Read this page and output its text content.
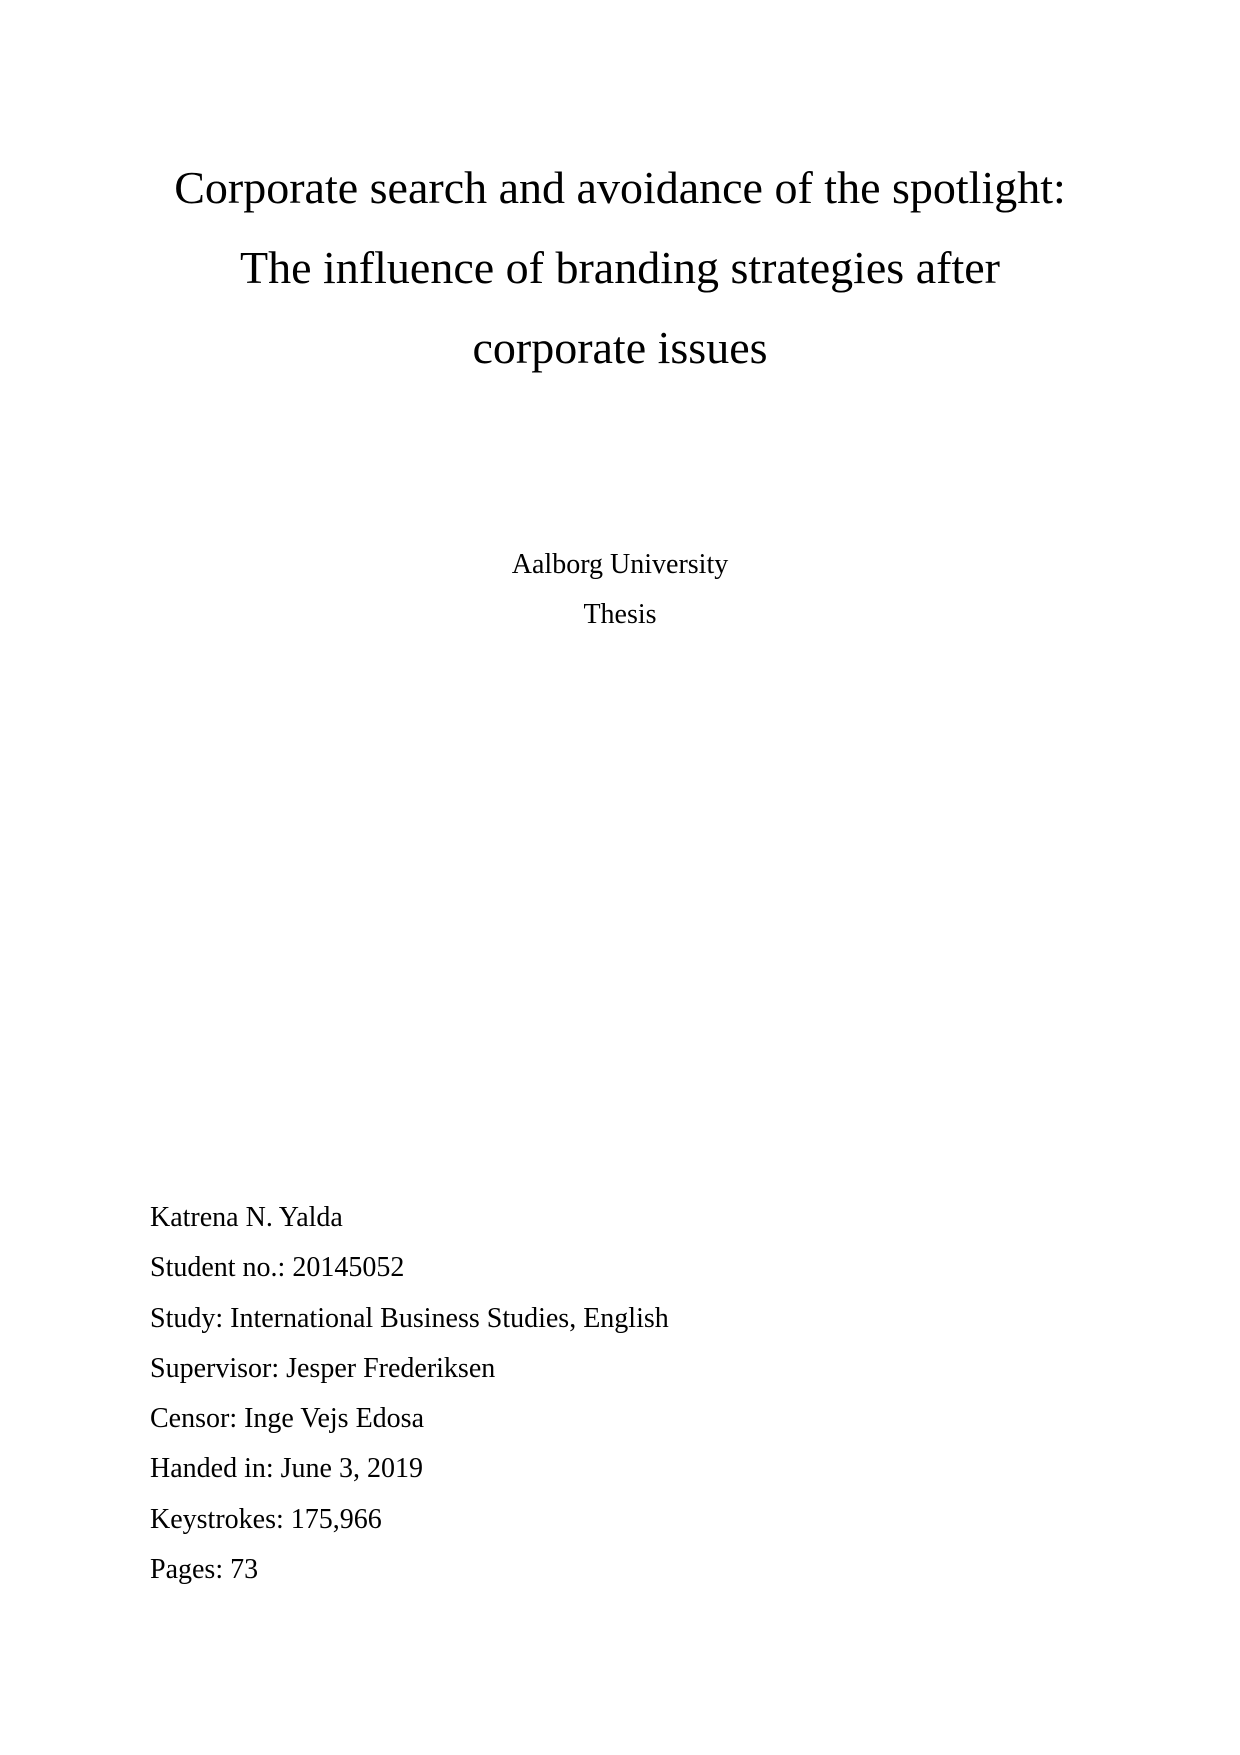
Corporate search and avoidance of the spotlight:
The influence of branding strategies after
corporate issues
Aalborg University
Thesis
Katrena N. Yalda
Student no.: 20145052
Study: International Business Studies, English
Supervisor: Jesper Frederiksen
Censor: Inge Vejs Edosa
Handed in: June 3, 2019
Keystrokes: 175,966
Pages: 73
